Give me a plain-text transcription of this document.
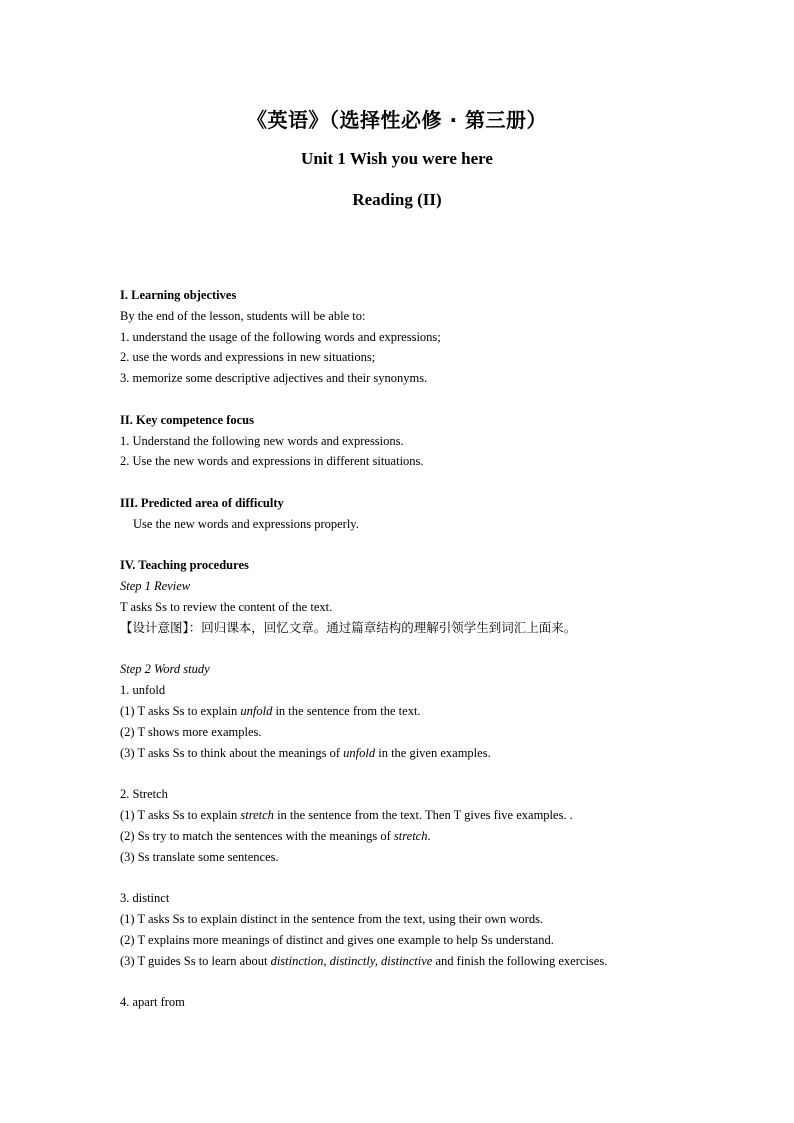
《英语》（选择性必修 · 第三册）
Unit 1 Wish you were here
Reading (II)
I. Learning objectives
By the end of the lesson, students will be able to:
1. understand the usage of the following words and expressions;
2. use the words and expressions in new situations;
3. memorize some descriptive adjectives and their synonyms.
II. Key competence focus
1. Understand the following new words and expressions.
2. Use the new words and expressions in different situations.
III. Predicted area of difficulty
Use the new words and expressions properly.
IV. Teaching procedures
Step 1 Review
T asks Ss to review the content of the text.
【设计意图】：回归课本，回忆文章。通过篇章结构的理解引领学生到词汇上面来。
Step 2 Word study
1. unfold
(1) T asks Ss to explain unfold in the sentence from the text.
(2) T shows more examples.
(3) T asks Ss to think about the meanings of unfold in the given examples.
2. Stretch
(1) T asks Ss to explain stretch in the sentence from the text. Then T gives five examples. .
(2) Ss try to match the sentences with the meanings of stretch.
(3) Ss translate some sentences.
3. distinct
(1) T asks Ss to explain distinct in the sentence from the text, using their own words.
(2) T explains more meanings of distinct and gives one example to help Ss understand.
(3) T guides Ss to learn about distinction, distinctly, distinctive and finish the following exercises.
4. apart from
